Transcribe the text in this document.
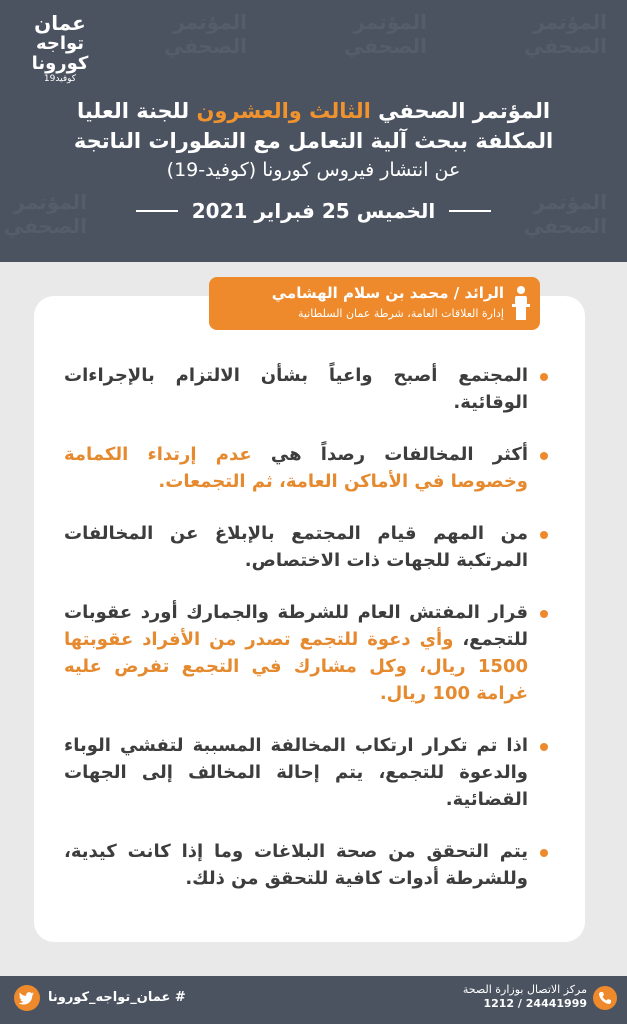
المؤتمر
الصحفي
المؤتمر
الصحفي
المؤتمر
الصحفي
المؤتمر
الصحفي
المؤتمر
الصحفي
عمان
تواجه
كورونا
كوفيد19
المؤتمر الصحفي الثالث والعشرون للجنة العليا
المكلفة ببحث آلية التعامل مع التطورات الناتجة
عن انتشار فيروس كورونا (كوفيد-19)
الخميس 25 فبراير 2021
الرائد / محمد بن سلام الهشامي
إدارة العلاقات العامة، شرطة عمان السلطانية
المجتمع أصبح واعياً بشأن الالتزام بالإجراءات الوقائية.
أكثر المخالفات رصداً هي عدم إرتداء الكمامة وخصوصا في الأماكن العامة، ثم التجمعات.
من المهم قيام المجتمع بالإبلاغ عن المخالفات المرتكبة للجهات ذات الاختصاص.
قرار المفتش العام للشرطة والجمارك أورد عقوبات للتجمع، وأي دعوة للتجمع تصدر من الأفراد عقوبتها 1500 ريال، وكل مشارك في التجمع تفرض عليه غرامة 100 ريال.
اذا تم تكرار ارتكاب المخالفة المسببة لتفشي الوباء والدعوة للتجمع، يتم إحالة المخالف إلى الجهات القضائية.
يتم التحقق من صحة البلاغات وما إذا كانت كيدية، وللشرطة أدوات كافية للتحقق من ذلك.
مركز الاتصال بوزارة الصحة
24441999 / 1212
# عمان_تواجه_كورونا
